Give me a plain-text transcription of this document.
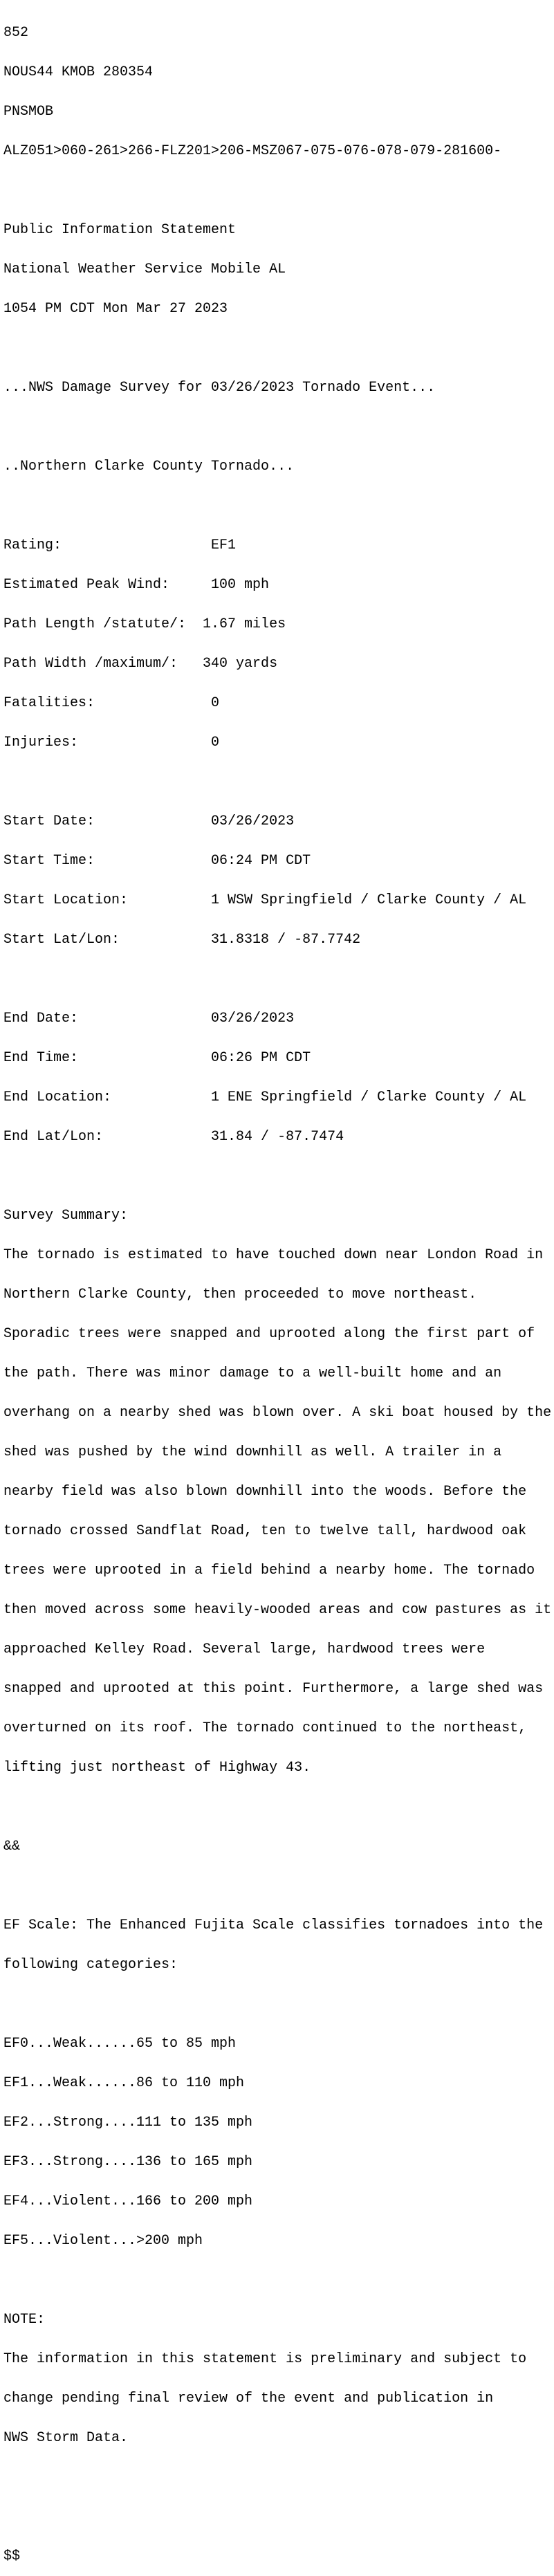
852

NOUS44 KMOB 280354

PNSMOB

ALZ051>060-261>266-FLZ201>206-MSZ067-075-076-078-079-281600-

Public Information Statement

National Weather Service Mobile AL

1054 PM CDT Mon Mar 27 2023

...NWS Damage Survey for 03/26/2023 Tornado Event...

..Northern Clarke County Tornado...

Rating:                  EF1

Estimated Peak Wind:     100 mph

Path Length /statute/:  1.67 miles

Path Width /maximum/:   340 yards

Fatalities:              0

Injuries:                0

Start Date:              03/26/2023

Start Time:              06:24 PM CDT

Start Location:          1 WSW Springfield / Clarke County / AL

Start Lat/Lon:           31.8318 / -87.7742

End Date:                03/26/2023

End Time:                06:26 PM CDT

End Location:            1 ENE Springfield / Clarke County / AL

End Lat/Lon:             31.84 / -87.7474

Survey Summary:

The tornado is estimated to have touched down near London Road in

Northern Clarke County, then proceeded to move northeast.

Sporadic trees were snapped and uprooted along the first part of

the path. There was minor damage to a well-built home and an

overhang on a nearby shed was blown over. A ski boat housed by the

shed was pushed by the wind downhill as well. A trailer in a

nearby field was also blown downhill into the woods. Before the

tornado crossed Sandflat Road, ten to twelve tall, hardwood oak

trees were uprooted in a field behind a nearby home. The tornado

then moved across some heavily-wooded areas and cow pastures as it

approached Kelley Road. Several large, hardwood trees were

snapped and uprooted at this point. Furthermore, a large shed was

overturned on its roof. The tornado continued to the northeast,

lifting just northeast of Highway 43.

&&

EF Scale: The Enhanced Fujita Scale classifies tornadoes into the

following categories:

EF0...Weak......65 to 85 mph

EF1...Weak......86 to 110 mph

EF2...Strong....111 to 135 mph

EF3...Strong....136 to 165 mph

EF4...Violent...166 to 200 mph

EF5...Violent...>200 mph

NOTE:

The information in this statement is preliminary and subject to

change pending final review of the event and publication in

NWS Storm Data.

$$
